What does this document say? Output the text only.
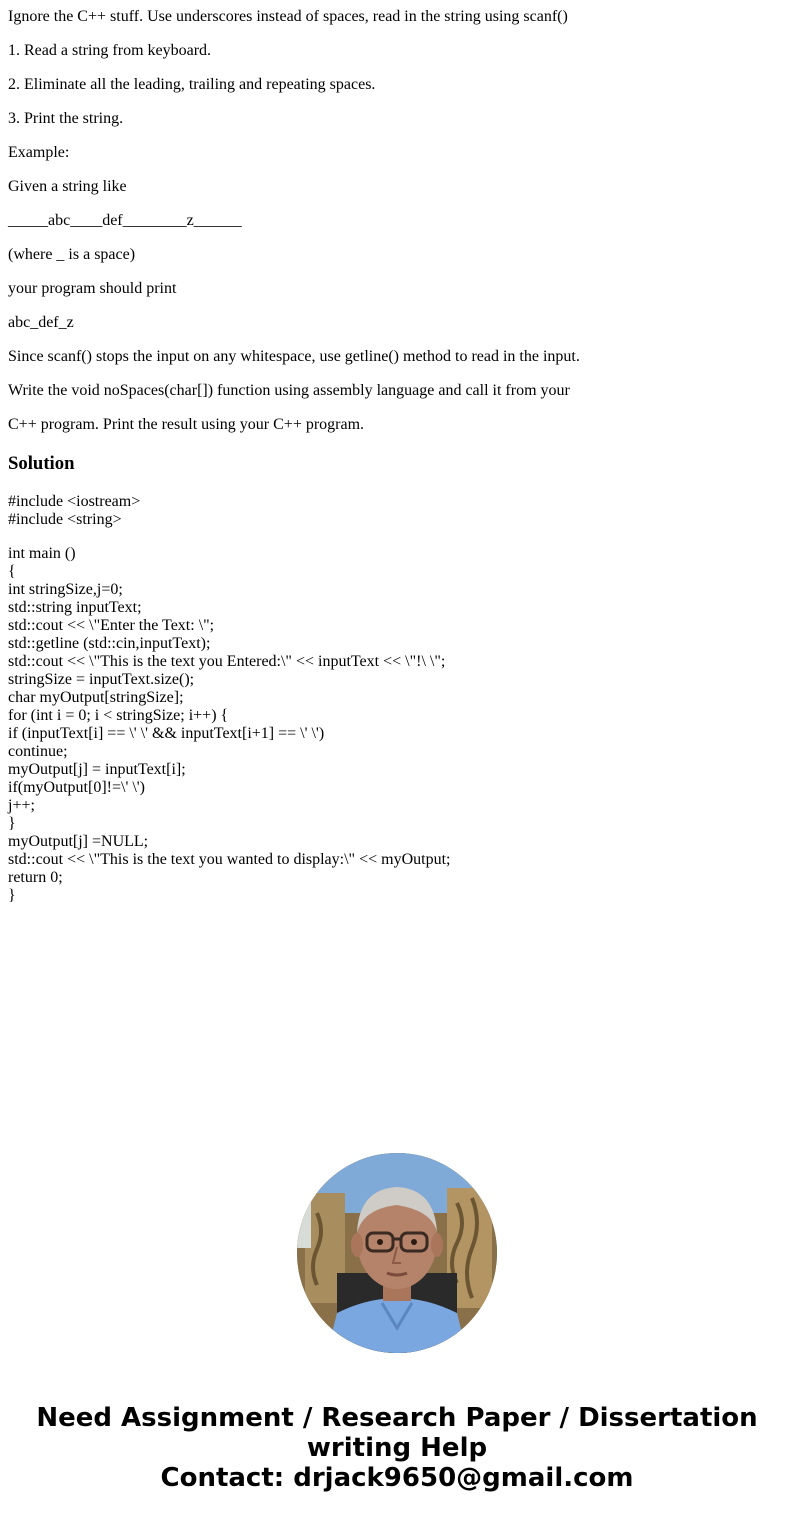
Ignore the C++ stuff. Use underscores instead of spaces, read in the string using scanf()

1. Read a string from keyboard.

2. Eliminate all the leading, trailing and repeating spaces.

3. Print the string.

Example:

Given a string like

_____abc____def________z______

(where _ is a space)

your program should print

abc_def_z

Since scanf() stops the input on any whitespace, use getline() method to read in the input.

Write the void noSpaces(char[]) function using assembly language and call it from your

C++ program. Print the result using your C++ program.

Solution
#include <iostream>
#include <string>
int main ()
{
int stringSize,j=0;
std::string inputText;
std::cout << \"Enter the Text: \";
std::getline (std::cin,inputText);
std::cout << \"This is the text you Entered:\" << inputText << \"!\ \";
stringSize = inputText.size();
char myOutput[stringSize];
for (int i = 0; i < stringSize; i++) {
if (inputText[i] == \' \' && inputText[i+1] == \' \')
continue;
myOutput[j] = inputText[i];
if(myOutput[0]!=\' \')
j++;
}
myOutput[j] =NULL;
std::cout << \"This is the text you wanted to display:\" << myOutput;
return 0;
}
Need Assignment / Research Paper / Dissertation
writing Help
Contact: drjack9650@gmail.com
